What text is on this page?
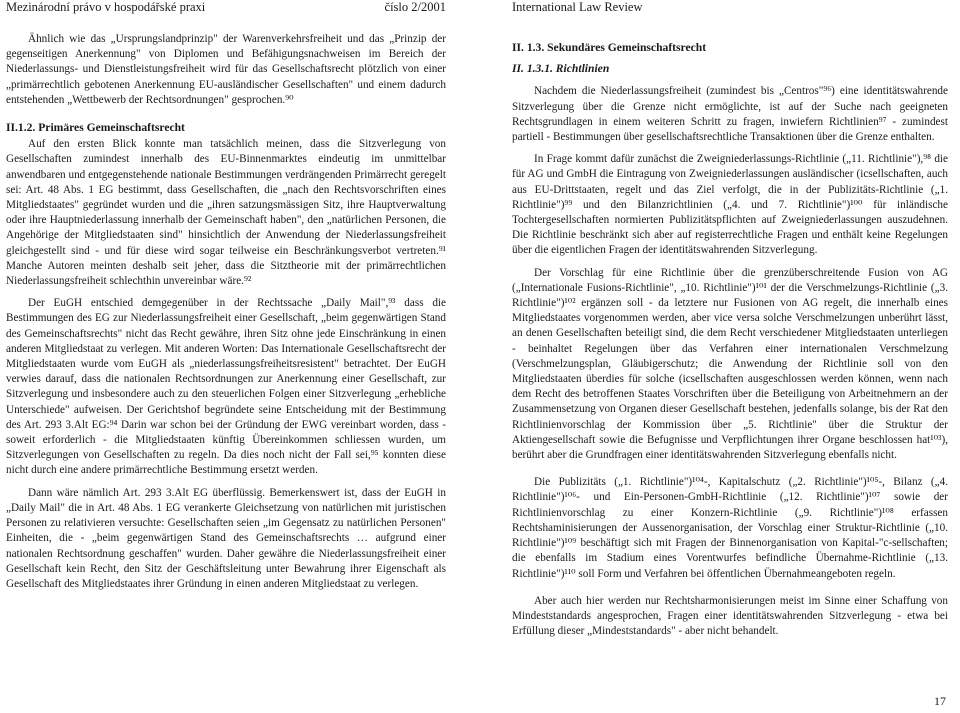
Mezinárodní právo v hospodářské praxi	číslo 2/2001

Ähnlich wie das „Ursprungslandprinzip" der Warenverkehrsfreiheit und das „Prinzip der gegenseitigen Anerkennung" von Diplomen und Befähigungsnachweisen im Bereich der Niederlassungs- und Dienstleistungsfreiheit wird für das Gesellschaftsrecht plötzlich von einer „primärrechtlich gebotenen Anerkennung EU-ausländischer Gesellschaften" und einem dadurch entstehenden „Wettbewerb der Rechtsordnungen" gesprochen.⁹⁰

II.1.2. Primäres Gemeinschaftsrecht

Auf den ersten Blick konnte man tatsächlich meinen, dass die Sitzverlegung von Gesellschaften zumindest innerhalb des EU-Binnenmarktes eindeutig im unmittelbar anwendbaren und entgegenstehende nationale Bestimmungen verdrängenden Primärrecht geregelt sei: Art. 48 Abs. 1 EG bestimmt, dass Gesellschaften, die „nach den Rechtsvorschriften eines Mitgliedstaates" gegründet wurden und die „ihren satzungsmässigen Sitz, ihre Hauptverwaltung oder ihre Hauptniederlassung innerhalb der Gemeinschaft haben", den „natürlichen Personen, die Angehörige der Mitgliedstaaten sind" hinsichtlich der Anwendung der Niederlassungsfreiheit gleichgestellt sind - und für diese wird sogar teilweise ein Beschränkungsverbot vertreten.⁹¹ Manche Autoren meinten deshalb seit jeher, dass die Sitztheorie mit der primärrechtlichen Niederlassungsfreiheit schlechthin unvereinbar wäre.⁹²

Der EuGH entschied demgegenüber in der Rechtssache „Daily Mail",⁹³ dass die Bestimmungen des EG zur Niederlassungsfreiheit einer Gesellschaft, „beim gegenwärtigen Stand des Gemeinschaftsrechts" nicht das Recht gewähre, ihren Sitz ohne jede Einschränkung in einen anderen Mitgliedstaat zu verlegen. Mit anderen Worten: Das Internationale Gesellschaftsrecht der Mitgliedstaaten wurde vom EuGH als „niederlassungsfreiheitsresistent" betrachtet. Der EuGH verwies darauf, dass die nationalen Rechtsordnungen zur Anerkennung einer Gesellschaft, zur Sitzverlegung und insbesondere auch zu den steuerlichen Folgen einer Sitzverlegung „erhebliche Unterschiede" aufweisen. Der Gerichtshof begründete seine Entscheidung mit der Bestimmung des Art. 293 3.Alt EG:⁹⁴ Darin war schon bei der Gründung der EWG vereinbart worden, dass - soweit erforderlich - die Mitgliedstaaten künftig Übereinkommen schliessen wurden, um Sitzverlegungen von Gesellschaften zu regeln. Da dies noch nicht der Fall sei,⁹⁵ konnten diese nicht durch eine andere primärrechtliche Bestimmung ersetzt werden.

Dann wäre nämlich Art. 293 3.Alt EG überflüssig. Bemerkenswert ist, dass der EuGH in „Daily Mail" die in Art. 48 Abs. 1 EG verankerte Gleichsetzung von natürlichen mit juristischen Personen zu relativieren versuchte: Gesellschaften seien „im Gegensatz zu natürlichen Personen" Einheiten, die - „beim gegenwärtigen Stand des Gemeinschaftsrechts … aufgrund einer nationalen Rechtsordnung geschaffen" wurden. Daher gewähre die Niederlassungsfreiheit einer Gesellschaft kein Recht, den Sitz der Geschäftsleitung unter Bewahrung ihrer Eigenschaft als Gesellschaft des Mitgliedstaates ihrer Gründung in einen anderen Mitgliedstaat zu verlegen.

International Law Review
II. 1.3. Sekundäres Gemeinschaftsrecht
II. 1.3.1. Richtlinien

Nachdem die Niederlassungsfreiheit (zumindest bis „Centros"⁹⁶) eine identitätswahrende Sitzverlegung über die Grenze nicht ermöglichte, ist auf der Suche nach geeigneten Rechtsgrundlagen in einem weiteren Schritt zu fragen, inwiefern Richtlinien⁹⁷ - zumindest partiell - Bestimmungen über gesellschaftsrechtliche Transaktionen über die Grenze enthalten.

In Frage kommt dafür zunächst die Zweigniederlassungs-Richtlinie („11. Richtlinie"),⁹⁸ die für AG und GmbH die Eintragung von Zweigniederlassungen ausländischer (icsellschaften, auch aus EU-Drittstaaten, regelt und das Ziel verfolgt, die in der Publizitäts-Richtlinie („1. Richtlinie")⁹⁹ und den Bilanzrichtlinien („4. und 7. Richtlinie")¹⁰⁰ für inländische Tochtergesellschaften normierten Publizitätspflichten auf Zweigniederlassungen auszudehnen. Die Richtlinie beschränkt sich aber auf registerrechtliche Fragen und enthält keine Regelungen über die eigentlichen Fragen der identitätswahrenden Sitzverlegung.

Der Vorschlag für eine Richtlinie über die grenzüberschreitende Fusion von AG („Internationale Fusions-Richtlinie", „10. Richtlinie")¹⁰¹ der die Verschmelzungs-Richtlinie („3. Richtlinie")¹⁰² ergänzen soll - da letztere nur Fusionen von AG regelt, die innerhalb eines Mitgliedstaates vorgenommen werden, aber vice versa solche Verschmelzungen unberührt lässt, an denen Gesellschaften beteiligt sind, die dem Recht verschiedener Mitgliedstaaten unterliegen - beinhaltet Regelungen über das Verfahren einer internationalen Verschmelzung (Verschmelzungsplan, Gläubigerschutz; die Anwendung der Richtlinie soll von den Mitgliedstaaten überdies für solche (icsellschaften ausgeschlossen werden können, wenn nach dem Recht des betroffenen Staates Vorschriften über die Beteiligung von Arbeitnehmern an der Zusammensetzung von Organen dieser Gesellschaft bestehen, jedenfalls solange, bis der Rat den Richtlinienvorschlag der Kommission über „5. Richtlinie" über die Struktur der Aktiengesellschaft sowie die Befugnisse und Verpflichtungen ihrer Organe beschlossen hat¹⁰³), berührt aber die Grundfragen einer identitätswahrenden Sitzverlegung ebenfalls nicht.

Die Publizitäts („1. Richtlinie")¹⁰⁴-, Kapitalschutz („2. Richtlinie")¹⁰⁵-, Bilanz („4. Richtlinie")¹⁰⁶- und Ein-Personen-GmbH-Richtlinie („12. Richtlinie")¹⁰⁷ sowie der Richtlinienvorschlag zu einer Konzern-Richtlinie („9. Richtlinie")¹⁰⁸ erfassen Rechtshaminisierungen der Aussenorganisation, der Vorschlag einer Struktur-Richtlinie („10. Richtlinie")¹⁰⁹ beschäftigt sich mit Fragen der Binnenorganisation von Kapital-"c-sellschaften; die ebenfalls im Stadium eines Vorentwurfes befindliche Übernahme-Richtlinie („13. Richtlinie")¹¹⁰ soll Form und Verfahren bei öffentlichen Übernahmeangeboten regeln.

Aber auch hier werden nur Rechtsharmonisierungen meist im Sinne einer Schaffung von Mindeststandards angesprochen, Fragen einer identitätswahrenden Sitzverlegung - etwa bei Erfüllung dieser „Mindeststandards" - aber nicht behandelt.

17
